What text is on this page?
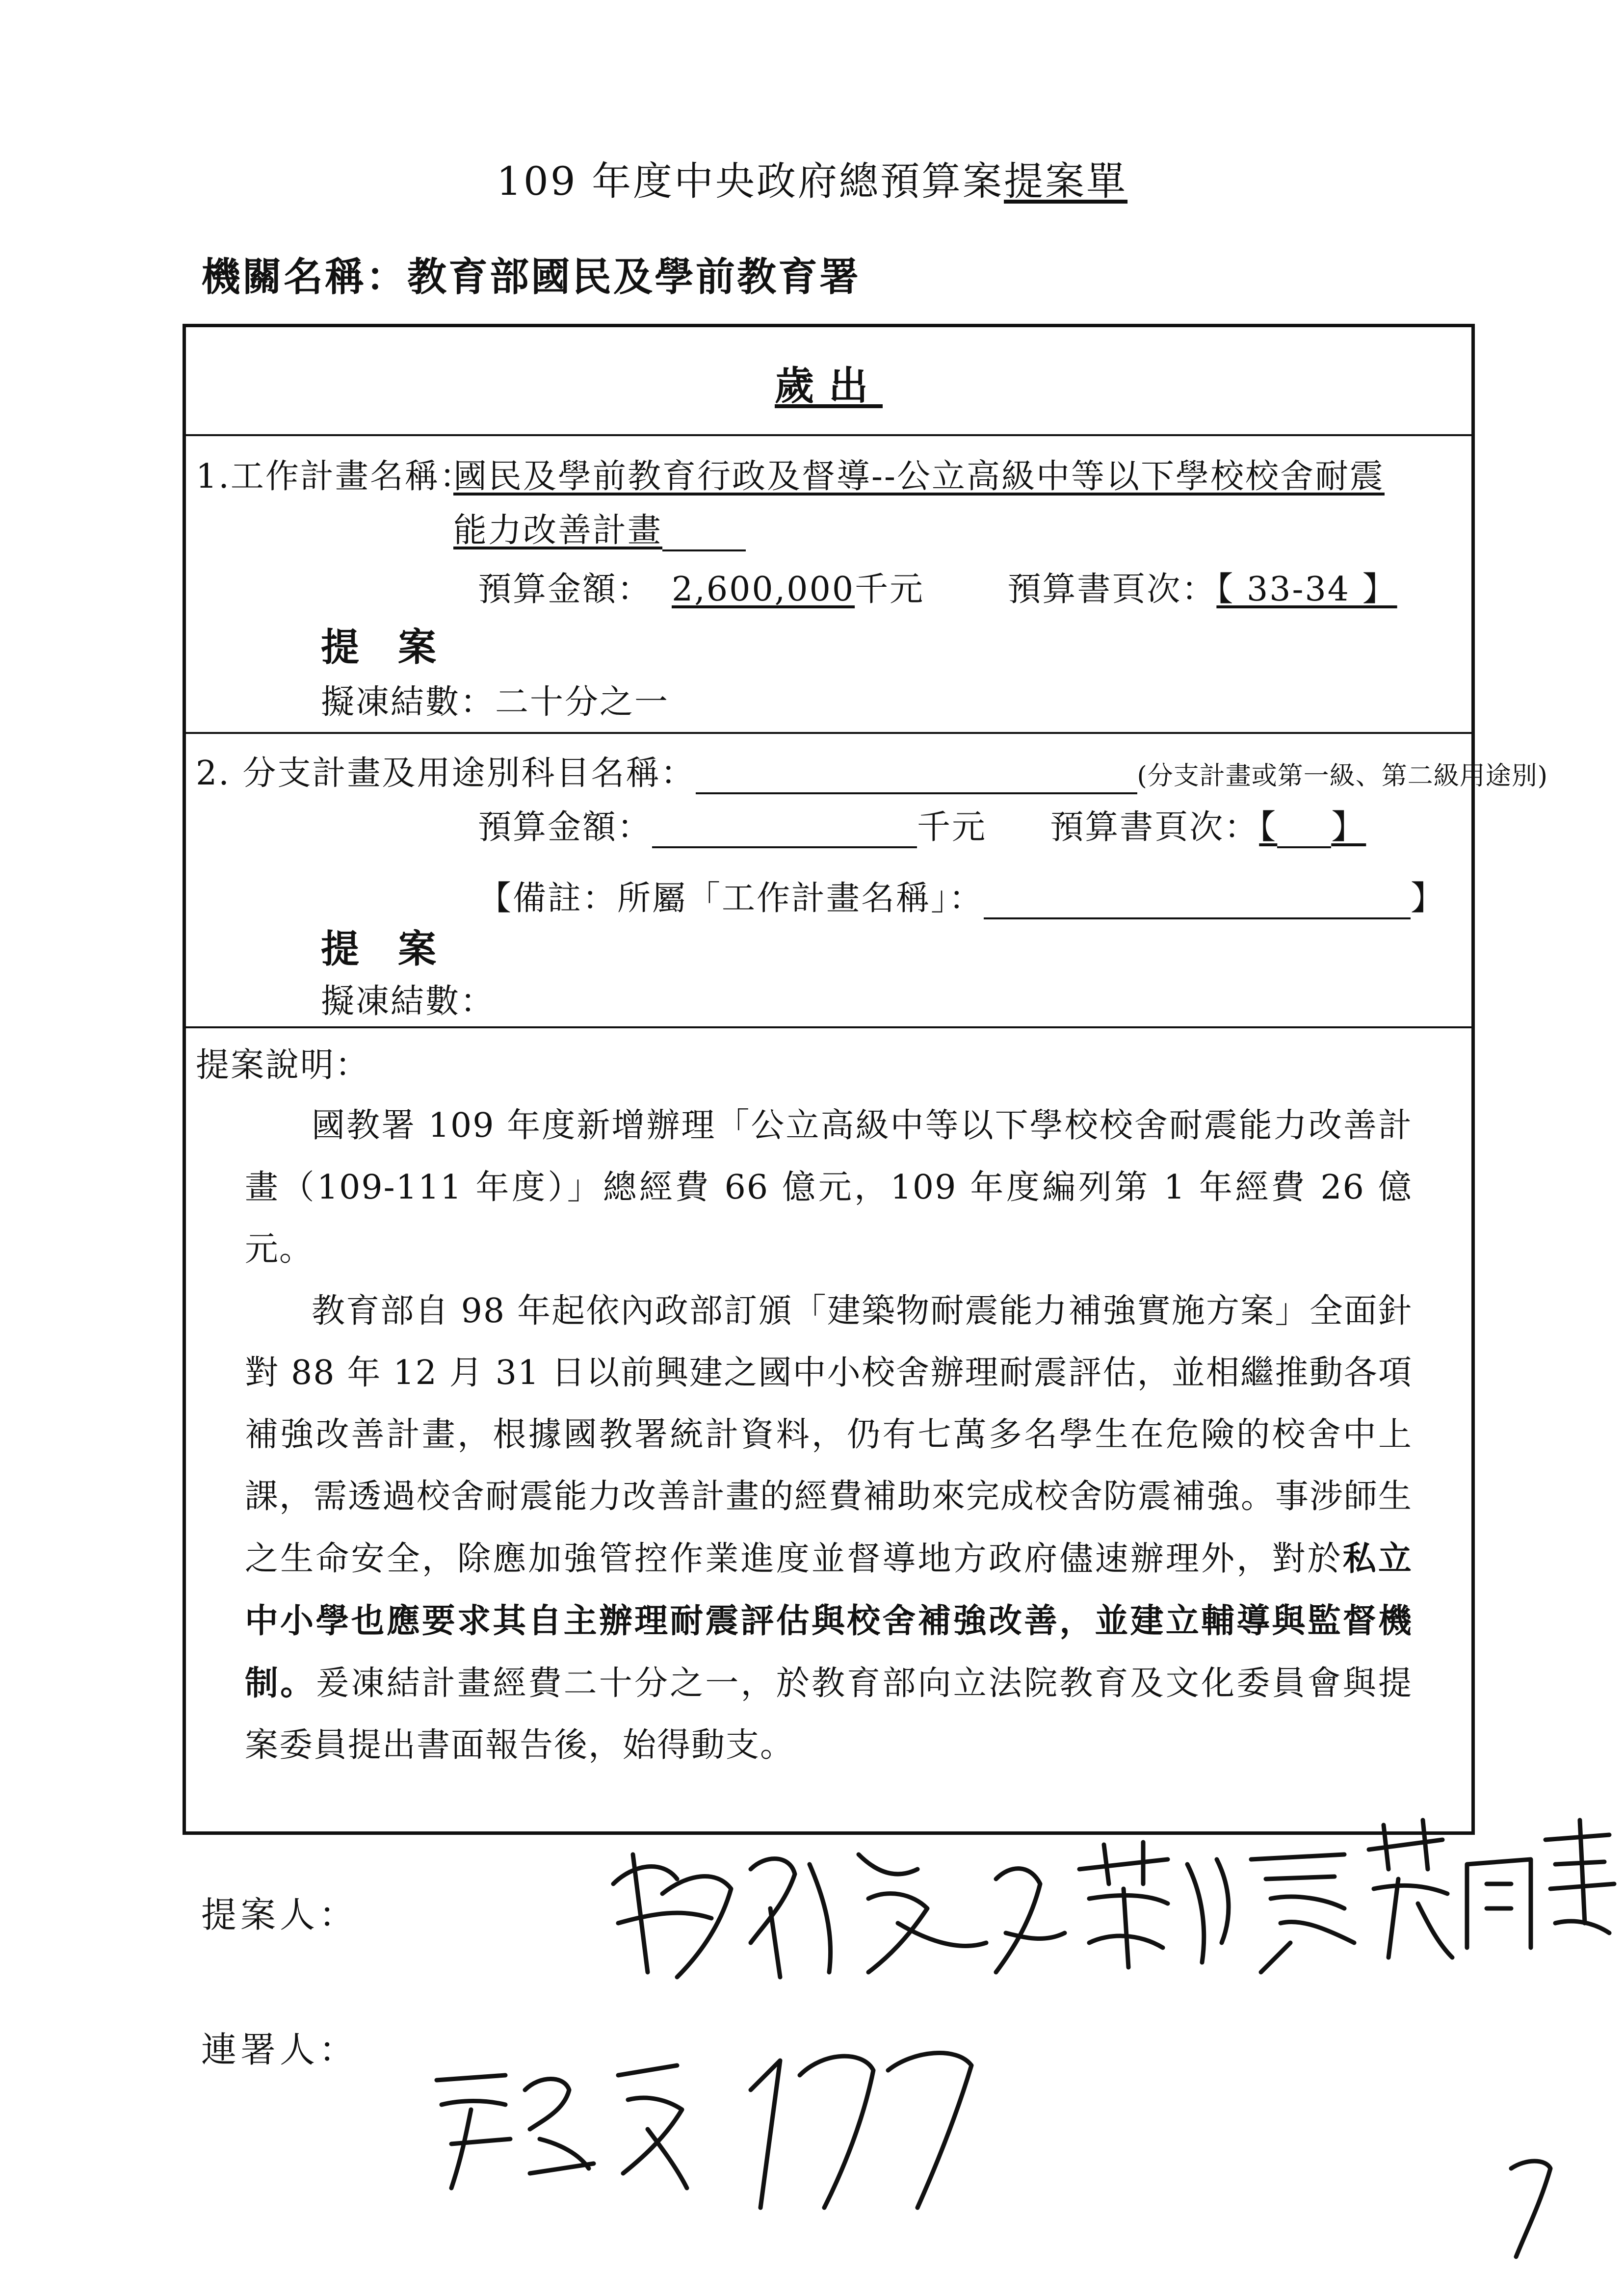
109 年度中央政府總預算案提案單
機關名稱：教育部國民及學前教育署
歲出
1.工作計畫名稱：
國民及學前教育行政及督導--公立高級中等以下學校校舍耐震
能力改善計畫
預算金額： 2,600,000千元 預算書頁次：【 33-34 】
提 案
擬凍結數：二十分之一
2. 分支計畫及用途別科目名稱：	(分支計畫或第一級、第二級用途別)
預算金額：	千元 預算書頁次：【 】
【備註：所屬「工作計畫名稱」：	】
提 案
擬凍結數：
提案說明：

國教署 109 年度新增辦理「公立高級中等以下學校校舍耐震能力改善計畫（109-111 年度）」總經費 66 億元，109 年度編列第 1 年經費 26 億元。

教育部自 98 年起依內政部訂頒「建築物耐震能力補強實施方案」全面針對 88 年 12 月 31 日以前興建之國中小校舍辦理耐震評估，並相繼推動各項補強改善計畫，根據國教署統計資料，仍有七萬多名學生在危險的校舍中上課，需透過校舍耐震能力改善計畫的經費補助來完成校舍防震補強。事涉師生之生命安全，除應加強管控作業進度並督導地方政府儘速辦理外，對於私立中小學也應要求其自主辦理耐震評估與校舍補強改善，並建立輔導與監督機制。爰凍結計畫經費二十分之一，於教育部向立法院教育及文化委員會與提案委員提出書面報告後，始得動支。

提案人：
連署人：
